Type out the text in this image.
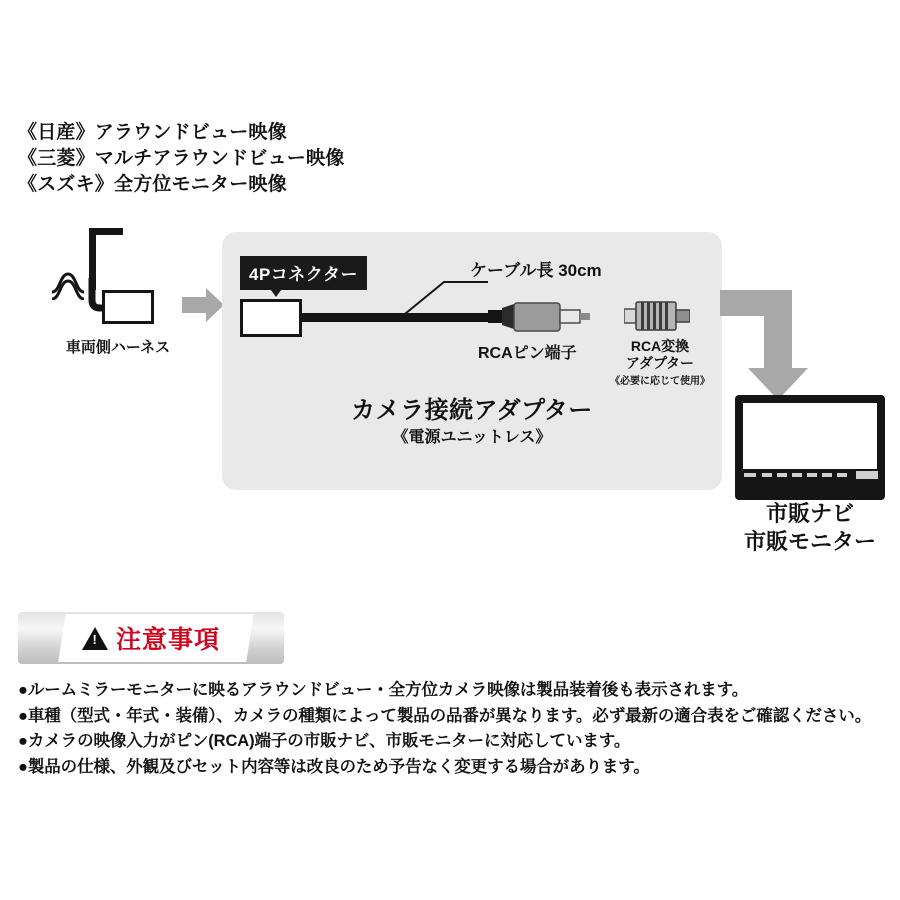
《日産》アラウンドビュー映像
《三菱》マルチアラウンドビュー映像
《スズキ》全方位モニター映像
車両側ハーネス
4Pコネクター	ケーブル長 30cm
RCAピン端子	RCA変換
アダプター
《必要に応じて使用》
カメラ接続アダプター
《電源ユニットレス》
市販ナビ
市販モニター
!
注意事項
●ルームミラーモニターに映るアラウンドビュー・全方位カメラ映像は製品装着後も表示されます。
●車種（型式・年式・装備）、カメラの種類によって製品の品番が異なります。必ず最新の適合表をご確認ください。
●カメラの映像入力がピン(RCA)端子の市販ナビ、市販モニターに対応しています。
●製品の仕様、外観及びセット内容等は改良のため予告なく変更する場合があります。
